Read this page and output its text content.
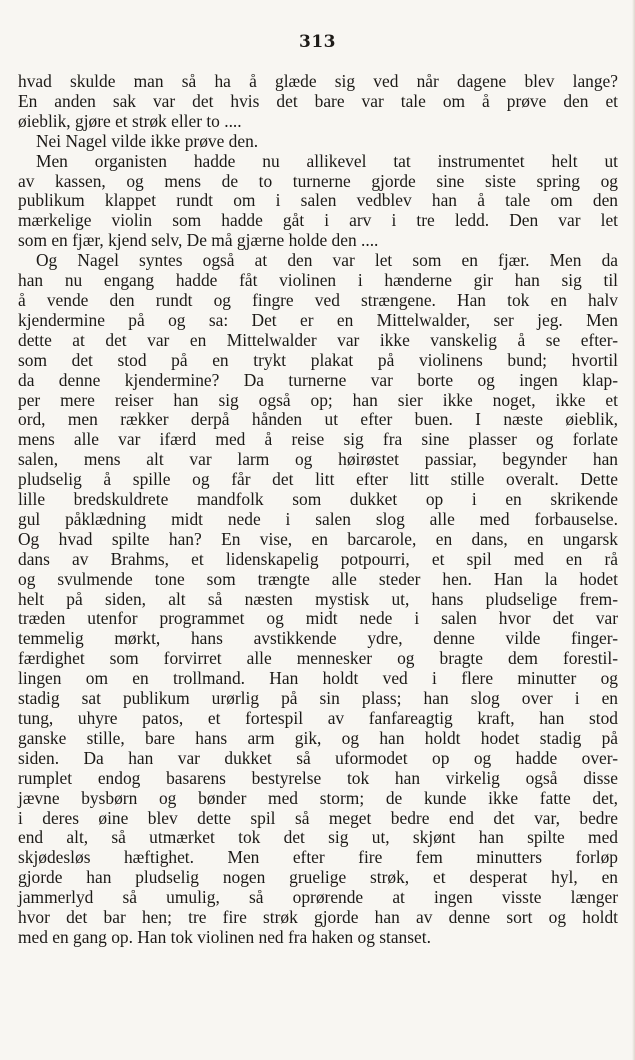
313
hvad skulde man så ha å glæde sig ved når dagene blev lange?
En anden sak var det hvis det bare var tale om å prøve den et
øieblik, gjøre et strøk eller to ....
Nei Nagel vilde ikke prøve den.
Men organisten hadde nu allikevel tat instrumentet helt ut
av kassen, og mens de to turnerne gjorde sine siste spring og
publikum klappet rundt om i salen vedblev han å tale om den
mærkelige violin som hadde gåt i arv i tre ledd. Den var let
som en fjær, kjend selv, De må gjærne holde den ....
Og Nagel syntes også at den var let som en fjær. Men da
han nu engang hadde fåt violinen i hænderne gir han sig til
å vende den rundt og fingre ved strængene. Han tok en halv
kjendermine på og sa: Det er en Mittelwalder, ser jeg. Men
dette at det var en Mittelwalder var ikke vanskelig å se efter-
som det stod på en trykt plakat på violinens bund; hvortil
da denne kjendermine? Da turnerne var borte og ingen klap-
per mere reiser han sig også op; han sier ikke noget, ikke et
ord, men rækker derpå hånden ut efter buen. I næste øieblik,
mens alle var ifærd med å reise sig fra sine plasser og forlate
salen, mens alt var larm og høirøstet passiar, begynder han
pludselig å spille og får det litt efter litt stille overalt. Dette
lille bredskuldrete mandfolk som dukket op i en skrikende
gul påklædning midt nede i salen slog alle med forbauselse.
Og hvad spilte han? En vise, en barcarole, en dans, en ungarsk
dans av Brahms, et lidenskapelig potpourri, et spil med en rå
og svulmende tone som trængte alle steder hen. Han la hodet
helt på siden, alt så næsten mystisk ut, hans pludselige frem-
træden utenfor programmet og midt nede i salen hvor det var
temmelig mørkt, hans avstikkende ydre, denne vilde finger-
færdighet som forvirret alle mennesker og bragte dem forestil-
lingen om en trollmand. Han holdt ved i flere minutter og
stadig sat publikum urørlig på sin plass; han slog over i en
tung, uhyre patos, et fortespil av fanfareagtig kraft, han stod
ganske stille, bare hans arm gik, og han holdt hodet stadig på
siden. Da han var dukket så uformodet op og hadde over-
rumplet endog basarens bestyrelse tok han virkelig også disse
jævne bysbørn og bønder med storm; de kunde ikke fatte det,
i deres øine blev dette spil så meget bedre end det var, bedre
end alt, så utmærket tok det sig ut, skjønt han spilte med
skjødesløs hæftighet. Men efter fire fem minutters forløp
gjorde han pludselig nogen gruelige strøk, et desperat hyl, en
jammerlyd så umulig, så oprørende at ingen visste længer
hvor det bar hen; tre fire strøk gjorde han av denne sort og holdt
med en gang op. Han tok violinen ned fra haken og stanset.
